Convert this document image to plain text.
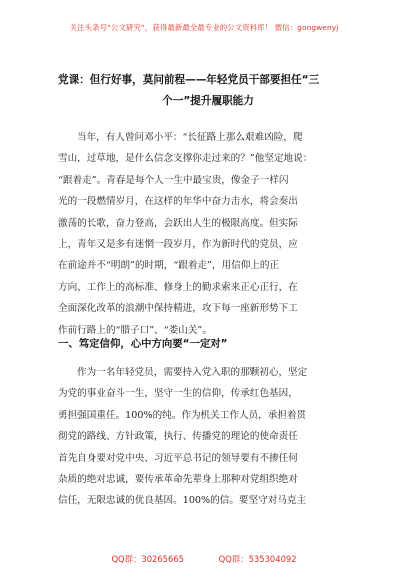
关注头条号“公文研究”，获得最新最全最专业的公文资料库！ 微信：gongwenyj
党课：但行好事，莫问前程——年轻党员干部要担任“三
个一”提升履职能力
当年，有人曾问邓小平：“长征路上那么艰难凶险，爬
雪山，过草地，是什么信念支撑你走过来的？”他坚定地说：
“跟着走”。青春是每个人一生中最宝贵，像金子一样闪
光的一段燃情岁月，在这样的年华中奋力击水，将会奏出
激荡的长歌，奋力登高，会跃出人生的极限高度。但实际
上，青年又是多有迷惘一段岁月，作为新时代的党员，应
在前途并不“明朗”的时期，“跟着走”，用信仰上的正
方向、工作上的高标准、修身上的勤求索来正心正行，在
全面深化改革的浪潮中保持精进，攻下每一座新形势下工
作前行路上的“腊子口”、“娄山关”。
一、笃定信仰，心中方向要“一定对”
作为一名年轻党员，需要持入党入职的那颗初心，坚定
为党的事业奋斗一生，坚守一生的信仰，传承红色基因，
勇担强国重任。100%的纯。作为机关工作人员，承担着贯
彻党的路线、方针政策，执行、传播党的理论的使命责任
首先自身要对党中央、习近平总书记的领导要有不掺任何
杂质的绝对忠诚，要传承革命先辈身上那种对党组织绝对
信任，无限忠诚的优良基因。100%的信。要坚守对马克主
QQ群：30265665	QQ群：535304092
